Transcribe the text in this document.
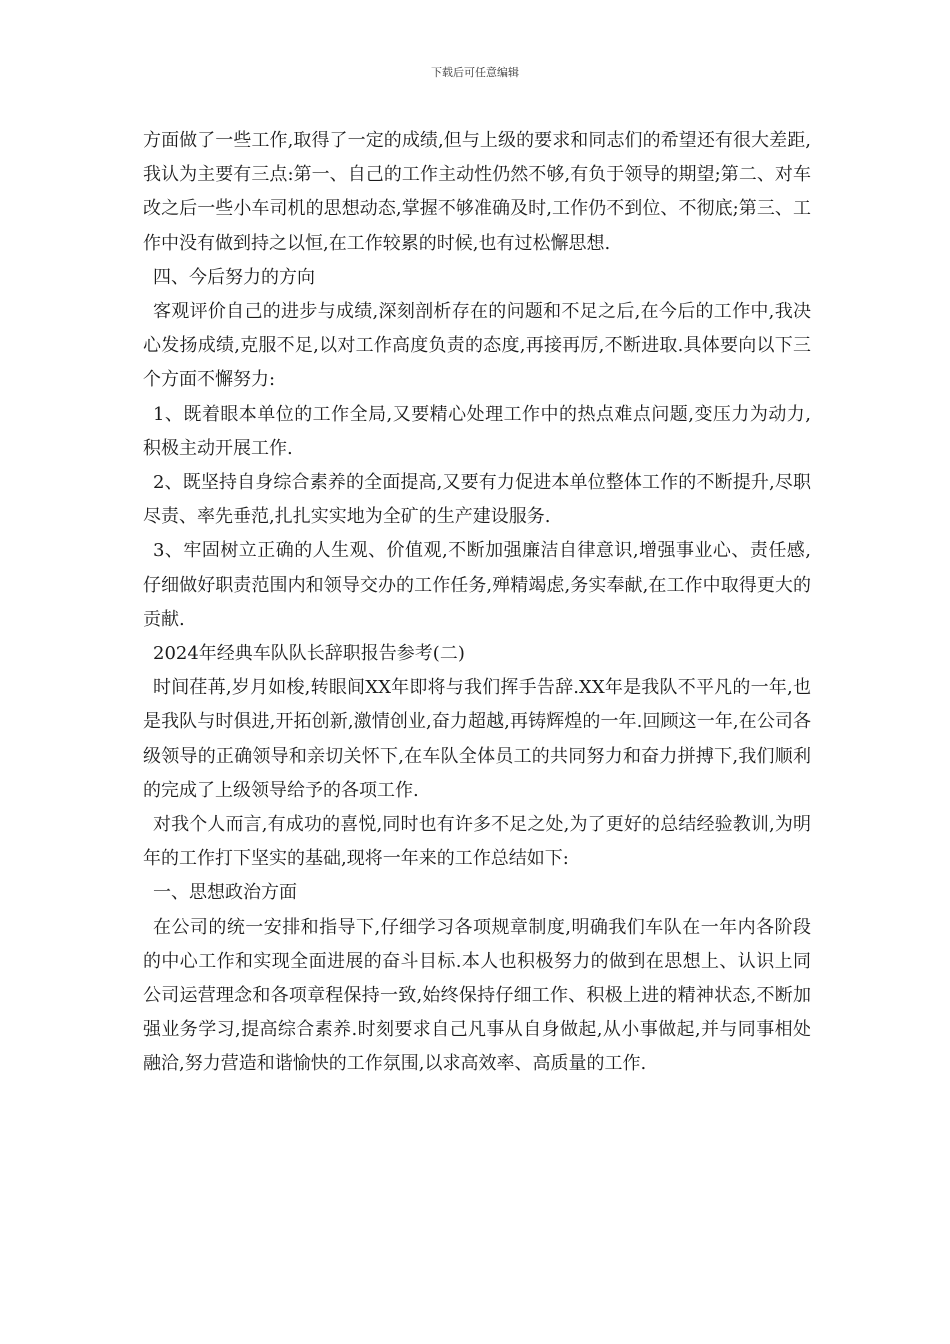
下载后可任意编辑

方面做了一些工作,取得了一定的成绩,但与上级的要求和同志们的希望还有很大差距,我认为主要有三点:第一、自己的工作主动性仍然不够,有负于领导的期望;第二、对车改之后一些小车司机的思想动态,掌握不够准确及时,工作仍不到位、不彻底;第三、工作中没有做到持之以恒,在工作较累的时候,也有过松懈思想.

四、今后努力的方向

客观评价自己的进步与成绩,深刻剖析存在的问题和不足之后,在今后的工作中,我决心发扬成绩,克服不足,以对工作高度负责的态度,再接再厉,不断进取.具体要向以下三个方面不懈努力:

1、既着眼本单位的工作全局,又要精心处理工作中的热点难点问题,变压力为动力,积极主动开展工作.

2、既坚持自身综合素养的全面提高,又要有力促进本单位整体工作的不断提升,尽职尽责、率先垂范,扎扎实实地为全矿的生产建设服务.

3、牢固树立正确的人生观、价值观,不断加强廉洁自律意识,增强事业心、责任感,仔细做好职责范围内和领导交办的工作任务,殚精竭虑,务实奉献,在工作中取得更大的贡献.

2024年经典车队队长辞职报告参考(二)

时间荏苒,岁月如梭,转眼间XX年即将与我们挥手告辞.XX年是我队不平凡的一年,也是我队与时俱进,开拓创新,激情创业,奋力超越,再铸辉煌的一年.回顾这一年,在公司各级领导的正确领导和亲切关怀下,在车队全体员工的共同努力和奋力拼搏下,我们顺利的完成了上级领导给予的各项工作.

对我个人而言,有成功的喜悦,同时也有许多不足之处,为了更好的总结经验教训,为明年的工作打下坚实的基础,现将一年来的工作总结如下:

一、思想政治方面

在公司的统一安排和指导下,仔细学习各项规章制度,明确我们车队在一年内各阶段的中心工作和实现全面进展的奋斗目标.本人也积极努力的做到在思想上、认识上同公司运营理念和各项章程保持一致,始终保持仔细工作、积极上进的精神状态,不断加强业务学习,提高综合素养.时刻要求自己凡事从自身做起,从小事做起,并与同事相处融洽,努力营造和谐愉快的工作氛围,以求高效率、高质量的工作.
